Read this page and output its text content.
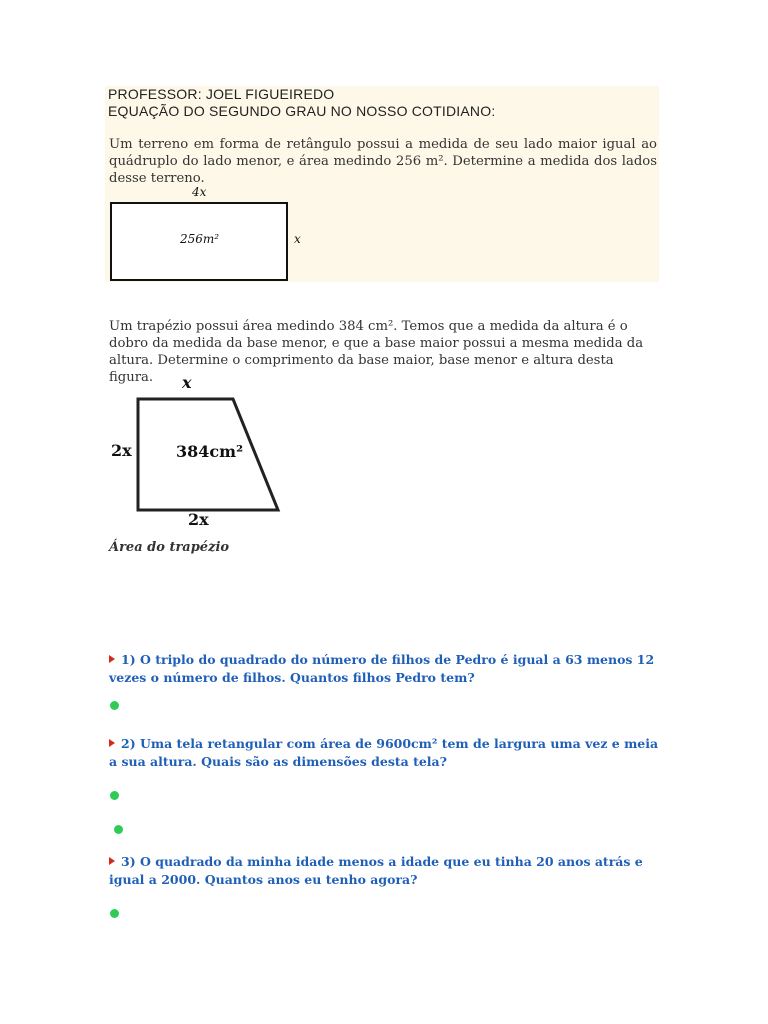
PROFESSOR: JOEL FIGUEIREDO
EQUAÇÃO DO SEGUNDO GRAU NO NOSSO COTIDIANO:
Um terreno em forma de retângulo possui a medida de seu lado maior igual ao quádruplo do lado menor, e área medindo 256 m². Determine a medida dos lados desse terreno.
4x
256m²	x
Um trapézio possui área medindo 384 cm². Temos que a medida da altura é o dobro da medida da base menor, e que a base maior possui a mesma medida da altura. Determine o comprimento da base maior, base menor e altura desta figura.	x
2x	384cm²
2x
Área do trapézio
1) O triplo do quadrado do número de filhos de Pedro é igual a 63 menos 12 vezes o número de filhos. Quantos filhos Pedro tem?
2) Uma tela retangular com área de 9600cm² tem de largura uma vez e meia a sua altura. Quais são as dimensões desta tela?
3) O quadrado da minha idade menos a idade que eu tinha 20 anos atrás e igual a 2000. Quantos anos eu tenho agora?
